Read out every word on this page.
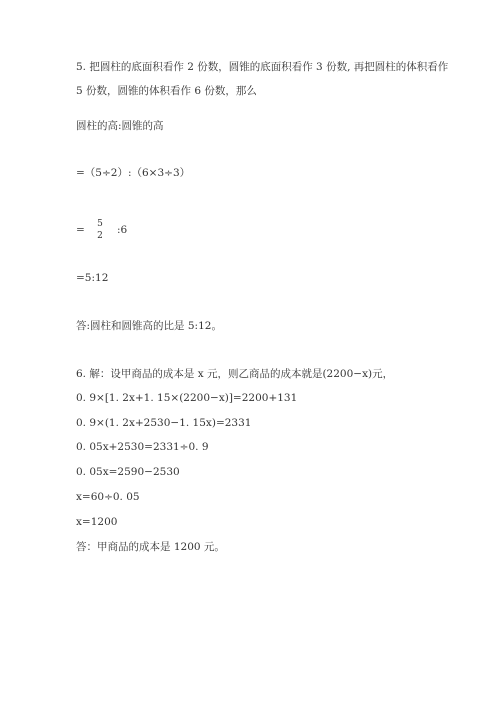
5. 把圆柱的底面积看作 2 份数，圆锥的底面积看作 3 份数, 再把圆柱的体积看作
5 份数，圆锥的体积看作 6 份数，那么
圆柱的高:圆锥的高
=（5÷2）:（6×3÷3）
= 5
2 :6
=5:12
答:圆柱和圆锥高的比是 5:12。
6. 解：设甲商品的成本是 x 元，则乙商品的成本就是(2200−x)元，
0. 9×[1. 2x+1. 15×(2200−x)]=2200+131
0. 9×(1. 2x+2530−1. 15x)=2331
0. 05x+2530=2331÷0. 9
0. 05x=2590−2530
x=60÷0. 05
x=1200
答：甲商品的成本是 1200 元。
